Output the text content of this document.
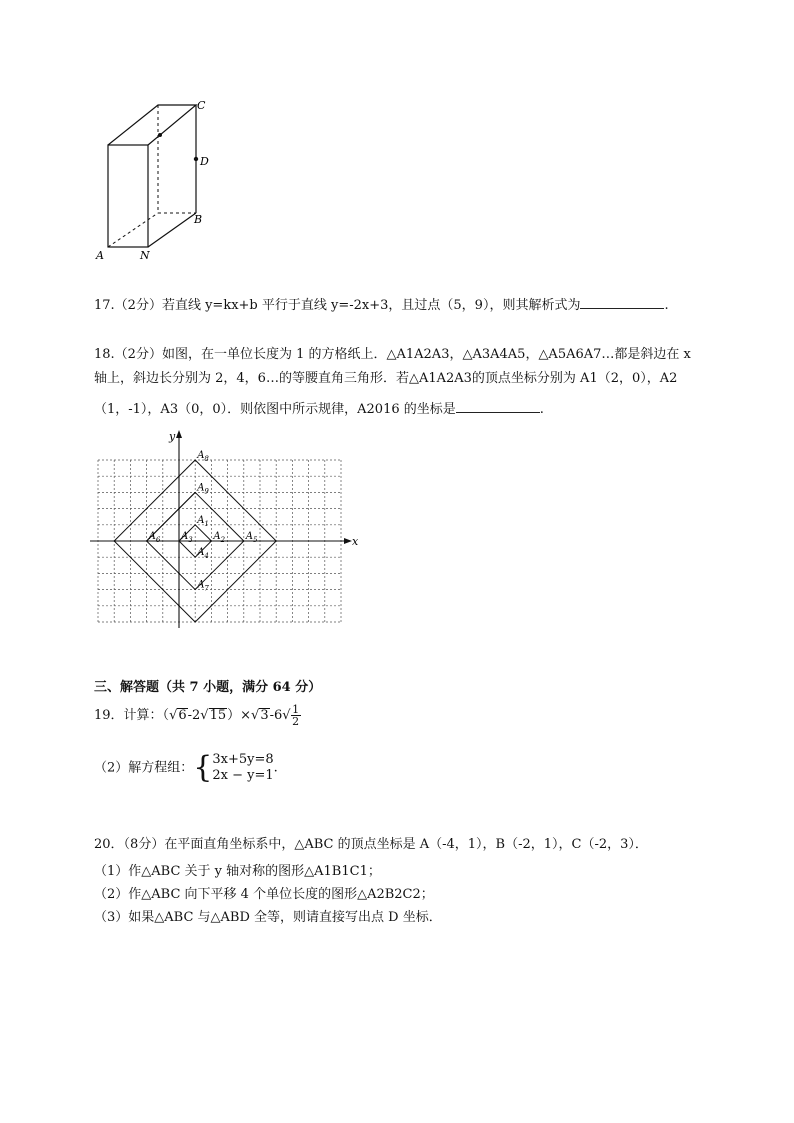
A	N
B
C
D
17.（2分）若直线 y=kx+b 平行于直线 y=-2x+3，且过点（5，9），则其解析式为	.
18.（2分）如图，在一单位长度为 1 的方格纸上．△A1A2A3，△A3A4A5，△A5A6A7…都是斜边在 x
轴上，斜边长分别为 2，4，6…的等腰直角三角形．若△A1A2A3的顶点坐标分别为 A1（2，0），A2
（1，-1），A3（0，0）．则依图中所示规律，A2016 的坐标是	.
x
y
$A_1$
$A_2$
$A_3$
$A_4$
$A_5$
$A_6$
$A_7$
$A_8$
$A_9$
三、解答题（共 7 小题，满分 64 分）
19．计算：$(√6-2√15)\times√3-6√ \frac{1}{2}$
（2）解方程组：{ 3x+5y=8
2x − y=1 .
20．（8分）在平面直角坐标系中，△ABC 的顶点坐标是 A（-4，1），B（-2，1），C（-2，3）．
（1）作△ABC 关于 y 轴对称的图形△A1B1C1；
（2）作△ABC 向下平移 4 个单位长度的图形△A2B2C2；
（3）如果△ABC 与△ABD 全等，则请直接写出点 D 坐标．
